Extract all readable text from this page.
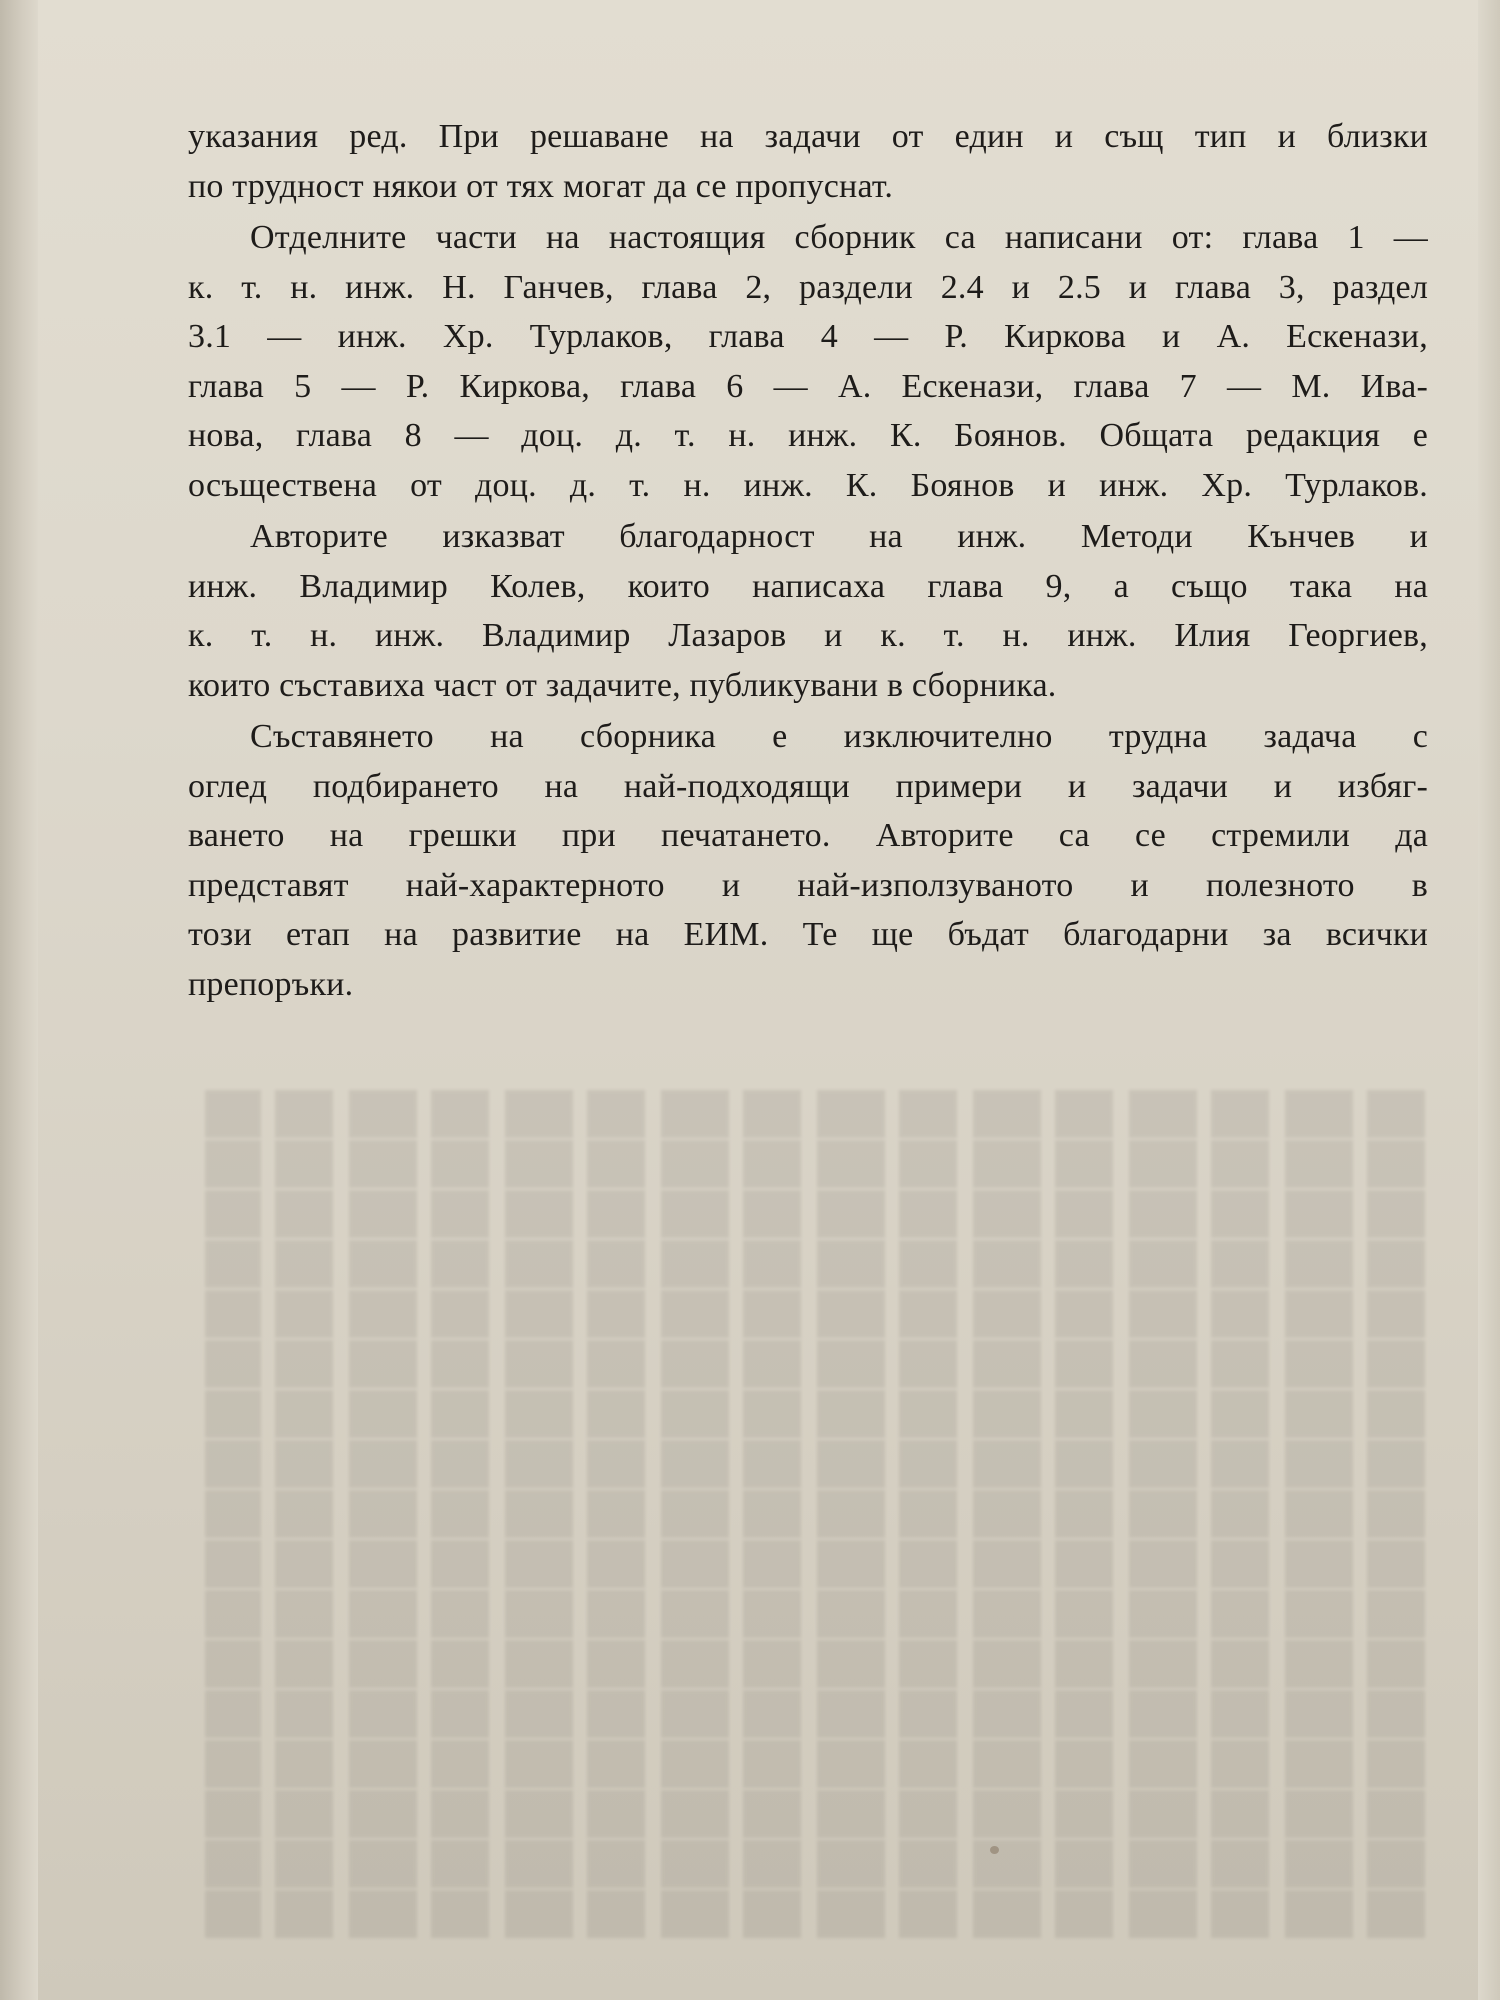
указания ред. При решаване на задачи от един и същ тип и близки
по трудност някои от тях могат да се пропуснат.
Отделните части на настоящия сборник са написани от: глава 1 —
к. т. н. инж. Н. Ганчев, глава 2, раздели 2.4 и 2.5 и глава 3, раздел
3.1 — инж. Хр. Турлаков, глава 4 — Р. Киркова и А. Ескенази,
глава 5 — Р. Киркова, глава 6 — А. Ескенази, глава 7 — М. Ива-
нова, глава 8 — доц. д. т. н. инж. К. Боянов. Общата редакция е
осъществена от доц. д. т. н. инж. К. Боянов и инж. Хр. Турлаков.
Авторите изказват благодарност на инж. Методи Кънчев и
инж. Владимир Колев, които написаха глава 9, а също така на
к. т. н. инж. Владимир Лазаров и к. т. н. инж. Илия Георгиев,
които съставиха част от задачите, публикувани в сборника.
Съставянето на сборника е изключително трудна задача с
оглед подбирането на най-подходящи примери и задачи и избяг-
ването на грешки при печатането. Авторите са се стремили да
представят най-характерното и най-използуваното и полезното в
този етап на развитие на ЕИМ. Те ще бъдат благодарни за всички
препоръки.
